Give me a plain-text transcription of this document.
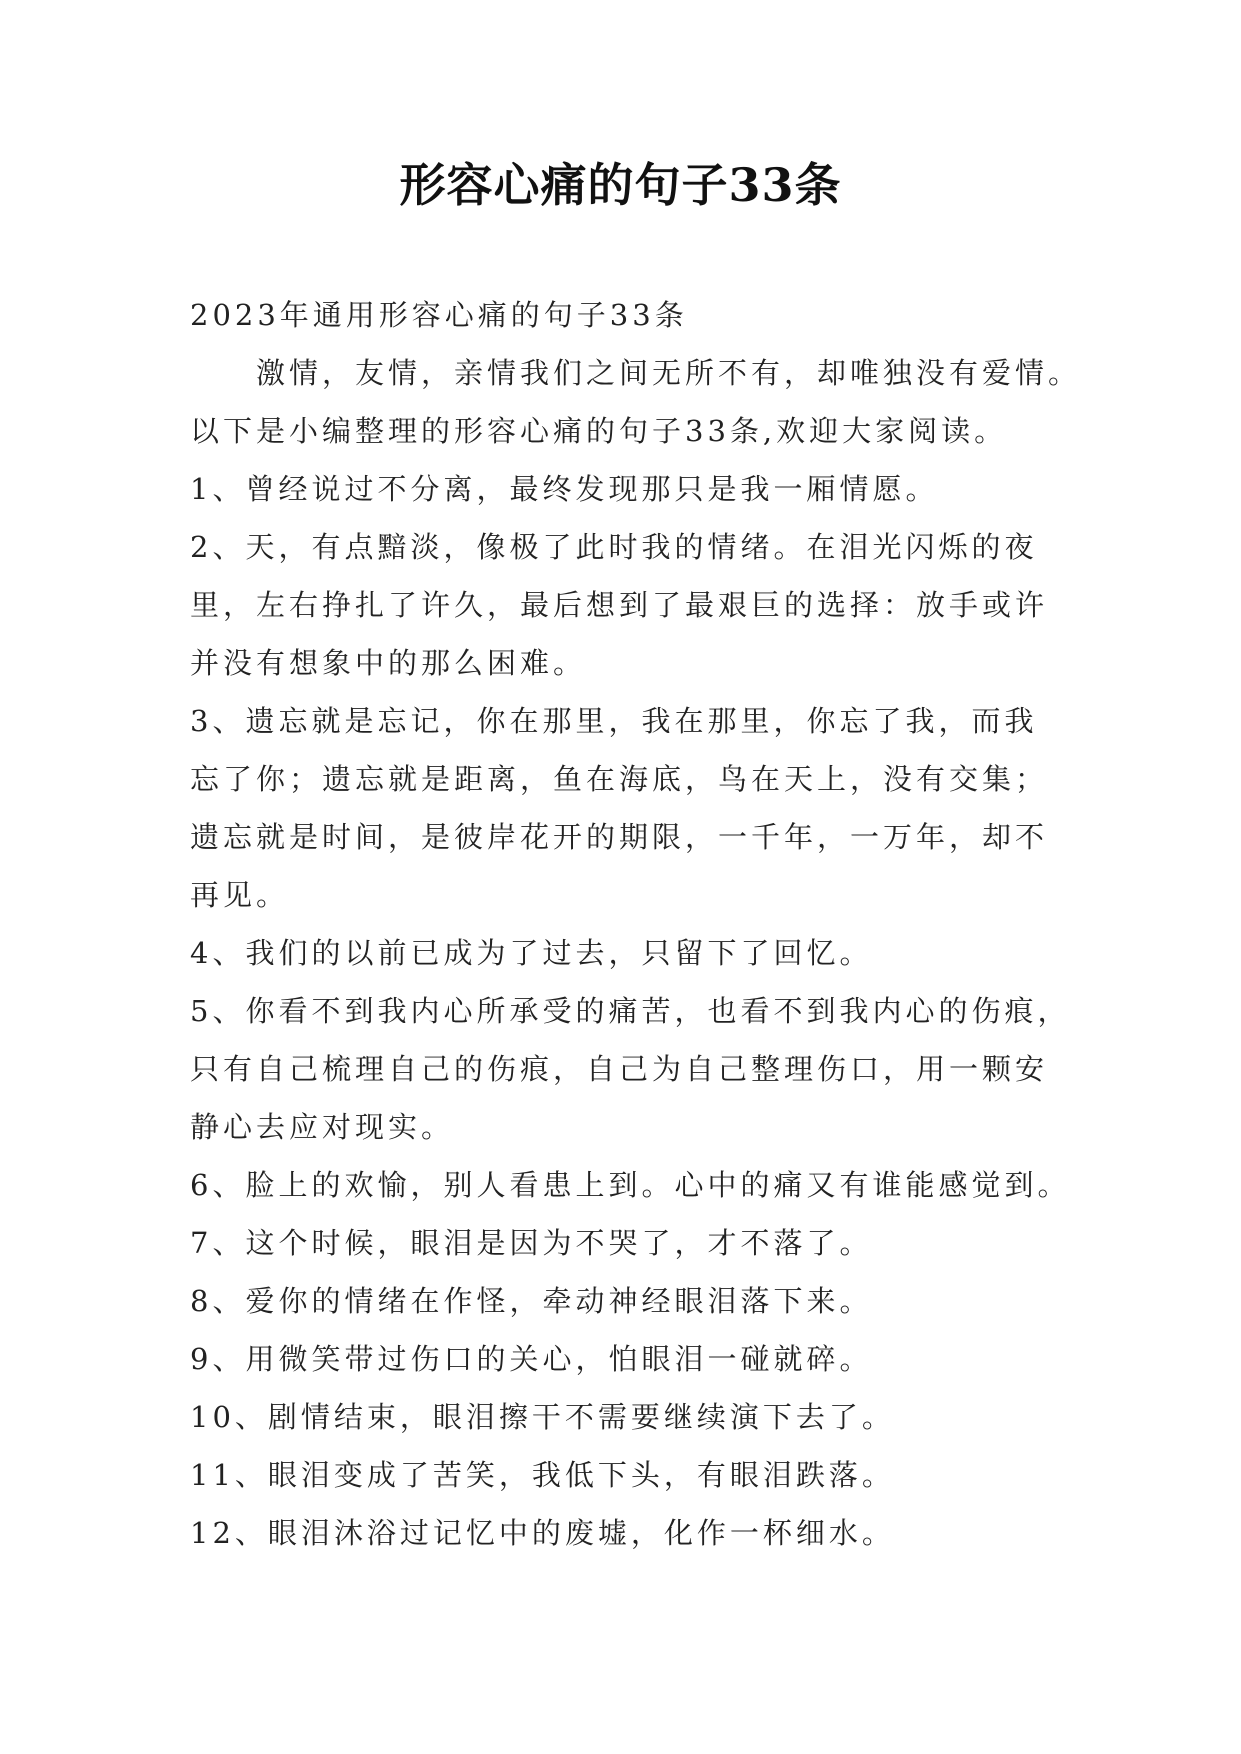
形容心痛的句子33条
2023年通用形容心痛的句子33条
激情，友情，亲情我们之间无所不有，却唯独没有爱情。
以下是小编整理的形容心痛的句子33条,欢迎大家阅读。
1、曾经说过不分离，最终发现那只是我一厢情愿。
2、天，有点黯淡，像极了此时我的情绪。在泪光闪烁的夜
里，左右挣扎了许久，最后想到了最艰巨的选择：放手或许
并没有想象中的那么困难。
3、遗忘就是忘记，你在那里，我在那里，你忘了我，而我
忘了你；遗忘就是距离，鱼在海底，鸟在天上，没有交集；
遗忘就是时间，是彼岸花开的期限，一千年，一万年，却不
再见。
4、我们的以前已成为了过去，只留下了回忆。
5、你看不到我内心所承受的痛苦，也看不到我内心的伤痕，
只有自己梳理自己的伤痕，自己为自己整理伤口，用一颗安
静心去应对现实。
6、脸上的欢愉，别人看患上到。心中的痛又有谁能感觉到。
7、这个时候，眼泪是因为不哭了，才不落了。
8、爱你的情绪在作怪，牵动神经眼泪落下来。
9、用微笑带过伤口的关心，怕眼泪一碰就碎。
10、剧情结束，眼泪擦干不需要继续演下去了。
11、眼泪变成了苦笑，我低下头，有眼泪跌落。
12、眼泪沐浴过记忆中的废墟，化作一杯细水。
